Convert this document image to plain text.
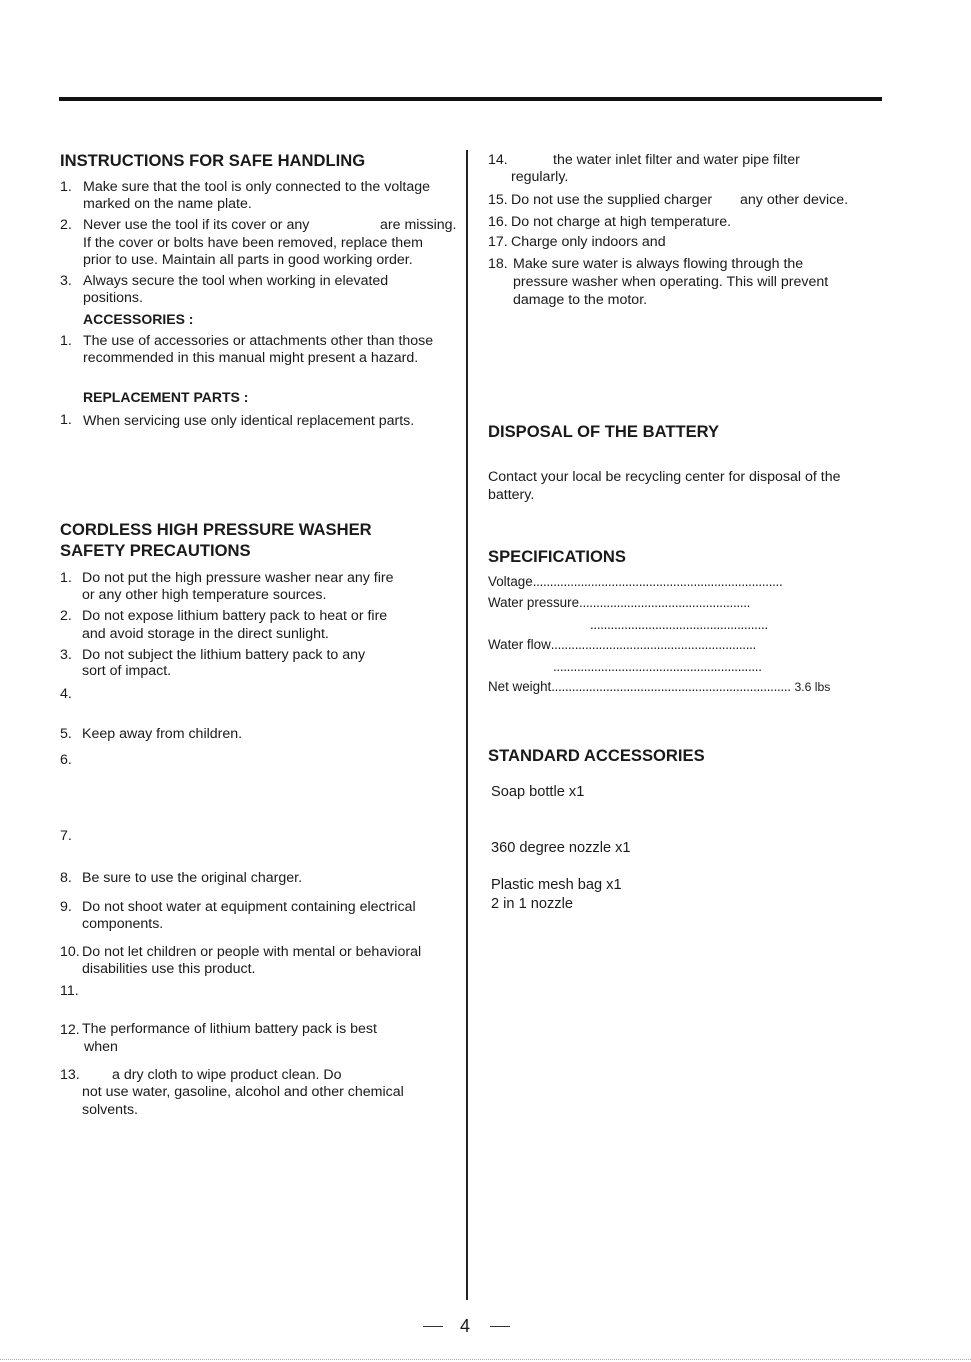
INSTRUCTIONS FOR SAFE HANDLING
1. Make sure that the tool is only connected to the voltage
marked on the name plate.
2. Never use the tool if its cover or any	are missing.
If the cover or bolts have been removed, replace them
prior to use. Maintain all parts in good working order.
3. Always secure the tool when working in elevated
positions.
ACCESSORIES :
1. The use of accessories or attachments other than those
recommended in this manual might present a hazard.
REPLACEMENT PARTS :
1. When servicing use only identical replacement parts.
CORDLESS HIGH PRESSURE WASHER
SAFETY PRECAUTIONS
1. Do not put the high pressure washer near any fire
or any other high temperature sources.
2. Do not expose lithium battery pack to heat or fire
and avoid storage in the direct sunlight.
3. Do not subject the lithium battery pack to any
sort of impact.
4.
5. Keep away from children.
6.
7.
8. Be sure to use the original charger.
9. Do not shoot water at equipment containing electrical
components.
10. Do not let children or people with mental or behavioral
disabilities use this product.
11.
12. The performance of lithium battery pack is best
when
13. a dry cloth to wipe product clean. Do
not use water, gasoline, alcohol and other chemical
solvents.
14.	the water inlet filter and water pipe filter
regularly.
15. Do not use the supplied charger any other device.
16. Do not charge at high temperature.
17. Charge only indoors and
18. Make sure water is always flowing through the
pressure washer when operating. This will prevent
damage to the motor.
DISPOSAL OF THE BATTERY
Contact your local be recycling center for disposal of the
battery.
SPECIFICATIONS
Voltage.........................................................................
Water pressure..................................................
....................................................
Water flow............................................................
.............................................................
Net weight...................................................................... 3.6 lbs
STANDARD ACCESSORIES
Soap bottle x1
360 degree nozzle x1
Plastic mesh bag x1
2 in 1 nozzle
4
